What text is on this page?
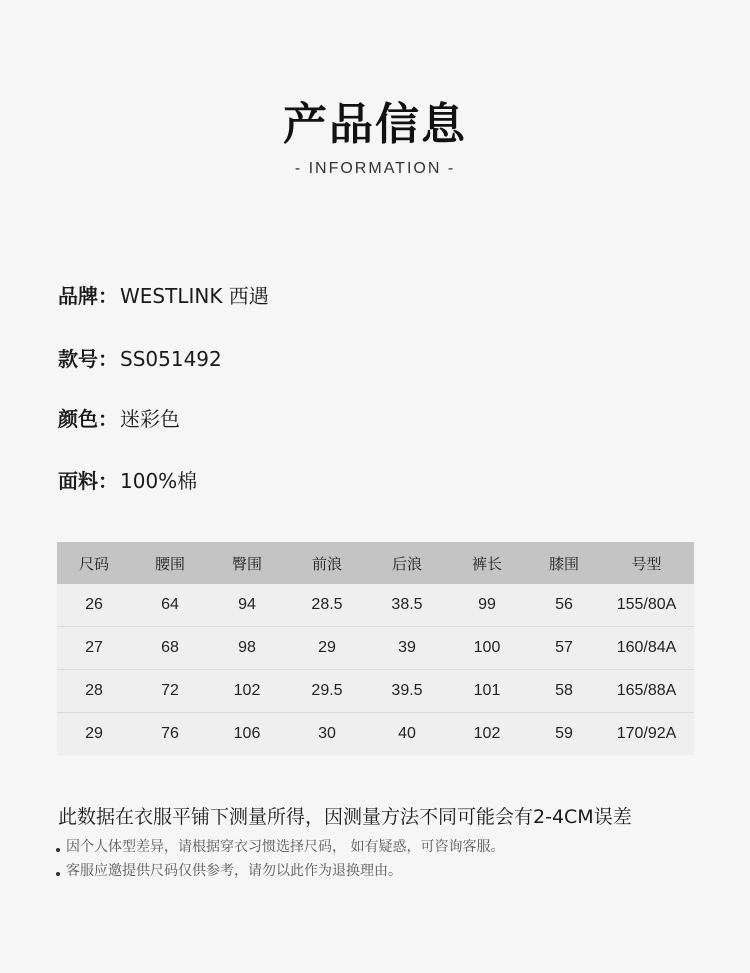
产品信息
- INFORMATION -
品牌： WESTLINK 西遇
款号： SS051492
颜色： 迷彩色
面料： 100%棉
尺码	腰围	臀围	前浪	后浪	裤长	膝围	号型
26	64	94	28.5	38.5	99	56	155/80A
27	68	98	29	39	100	57	160/84A
28	72	102	29.5	39.5	101	58	165/88A
29	76	106	30	40	102	59	170/92A
此数据在衣服平铺下测量所得，因测量方法不同可能会有2-4CM误差
因个人体型差异，请根据穿衣习惯选择尺码， 如有疑惑，可咨询客服。
客服应邀提供尺码仅供参考，请勿以此作为退换理由。
